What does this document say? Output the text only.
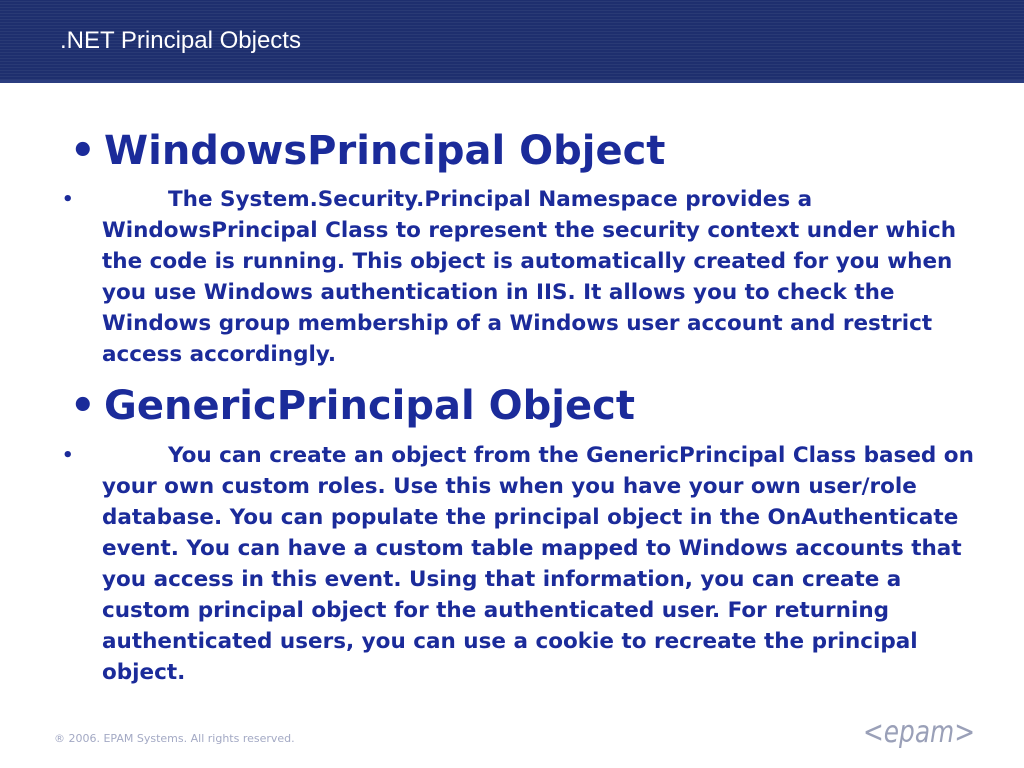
.NET Principal Objects
• WindowsPrincipal Object
•	The System.Security.Principal Namespace provides a WindowsPrincipal Class to represent the security context under which the code is running. This object is automatically created for you when you use Windows authentication in IIS. It allows you to check the Windows group membership of a Windows user account and restrict access accordingly.
• GenericPrincipal Object
•	You can create an object from the GenericPrincipal Class based on your own custom roles. Use this when you have your own user/role database. You can populate the principal object in the OnAuthenticate event. You can have a custom table mapped to Windows accounts that you access in this event. Using that information, you can create a custom principal object for the authenticated user. For returning authenticated users, you can use a cookie to recreate the principal object.
® 2006. EPAM Systems. All rights reserved.	<epam>
